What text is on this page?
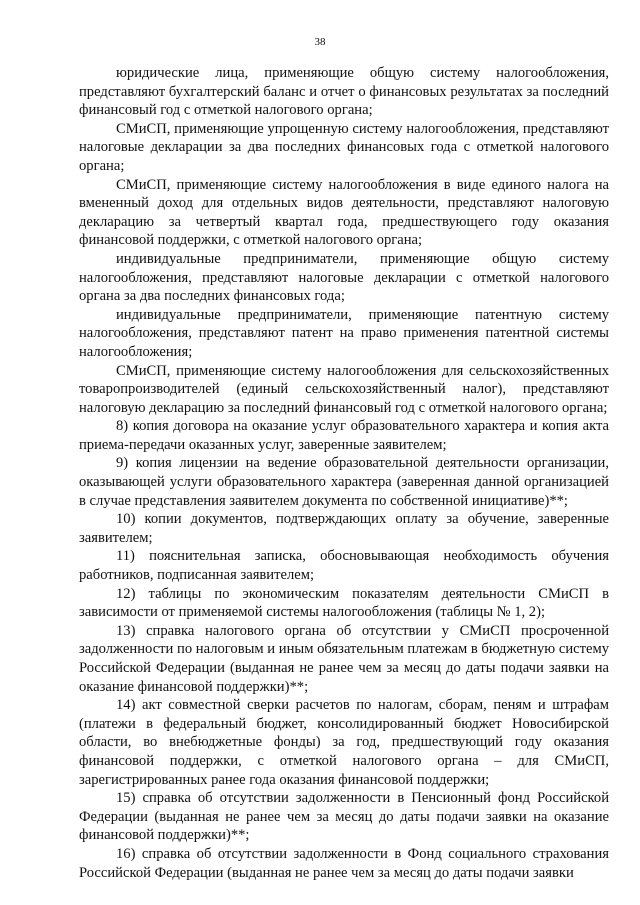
38

юридические лица, применяющие общую систему налогообложения, представляют бухгалтерский баланс и отчет о финансовых результатах за последний финансовый год с отметкой налогового органа;

СМиСП, применяющие упрощенную систему налогообложения, представляют налоговые декларации за два последних финансовых года с отметкой налогового органа;

СМиСП, применяющие систему налогообложения в виде единого налога на вмененный доход для отдельных видов деятельности, представляют налоговую декларацию за четвертый квартал года, предшествующего году оказания финансовой поддержки, с отметкой налогового органа;

индивидуальные предприниматели, применяющие общую систему налогообложения, представляют налоговые декларации с отметкой налогового органа за два последних финансовых года;

индивидуальные предприниматели, применяющие патентную систему налогообложения, представляют патент на право применения патентной системы налогообложения;

СМиСП, применяющие систему налогообложения для сельскохозяйственных товаропроизводителей (единый сельскохозяйственный налог), представляют налоговую декларацию за последний финансовый год с отметкой налогового органа;

8) копия договора на оказание услуг образовательного характера и копия акта приема-передачи оказанных услуг, заверенные заявителем;

9) копия лицензии на ведение образовательной деятельности организации, оказывающей услуги образовательного характера (заверенная данной организацией в случае представления заявителем документа по собственной инициативе)**;

10) копии документов, подтверждающих оплату за обучение, заверенные заявителем;

11) пояснительная записка, обосновывающая необходимость обучения работников, подписанная заявителем;

12) таблицы по экономическим показателям деятельности СМиСП в зависимости от применяемой системы налогообложения (таблицы № 1, 2);

13) справка налогового органа об отсутствии у СМиСП просроченной задолженности по налоговым и иным обязательным платежам в бюджетную систему Российской Федерации (выданная не ранее чем за месяц до даты подачи заявки на оказание финансовой поддержки)**;

14) акт совместной сверки расчетов по налогам, сборам, пеням и штрафам (платежи в федеральный бюджет, консолидированный бюджет Новосибирской области, во внебюджетные фонды) за год, предшествующий году оказания финансовой поддержки, с отметкой налогового органа – для СМиСП, зарегистрированных ранее года оказания финансовой поддержки;

15) справка об отсутствии задолженности в Пенсионный фонд Российской Федерации (выданная не ранее чем за месяц до даты подачи заявки на оказание финансовой поддержки)**;

16) справка об отсутствии задолженности в Фонд социального страхования Российской Федерации (выданная не ранее чем за месяц до даты подачи заявки
